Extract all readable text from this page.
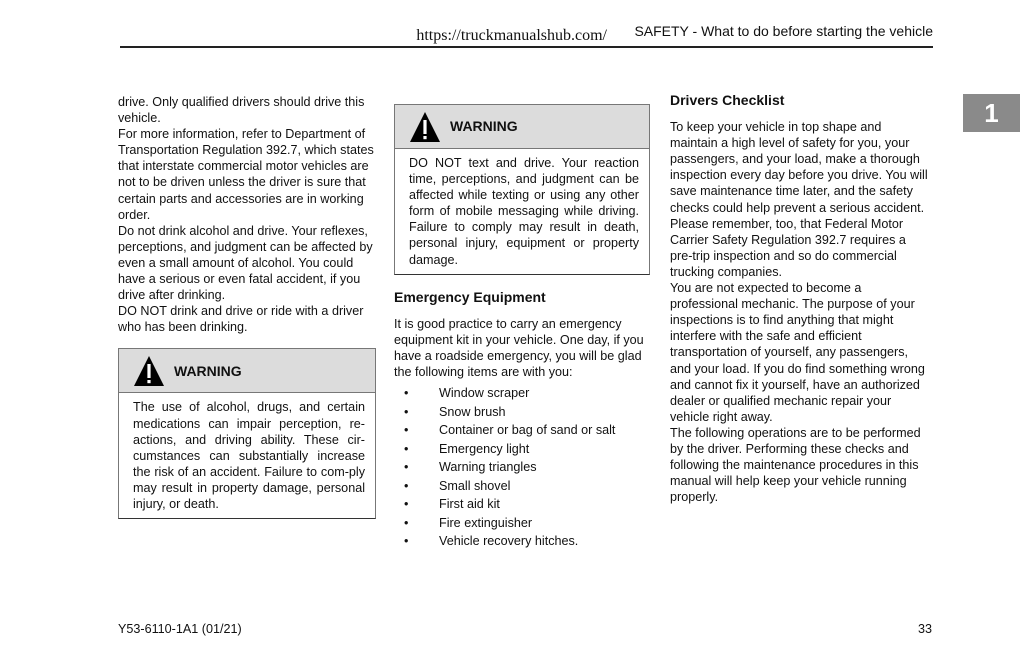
https://truckmanualshub.com/ SAFETY - What to do before starting the vehicle
1

drive. Only qualified drivers should drive this vehicle.

For more information, refer to Department of Transportation Regulation 392.7, which states that interstate commercial motor vehicles are not to be driven unless the driver is sure that certain parts and accessories are in working order.

Do not drink alcohol and drive. Your reflexes, perceptions, and judgment can be affected by even a small amount of alcohol. You could have a serious or even fatal accident, if you drive after drinking.

DO NOT drink and drive or ride with a driver who has been drinking.

WARNING
The use of alcohol, drugs, and certain medications can impair perception, re-actions, and driving ability. These cir-cumstances can substantially increase the risk of an accident. Failure to com-ply may result in property damage, personal injury, or death.
WARNING
DO NOT text and drive. Your reaction time, perceptions, and judgment can be affected while texting or using any other form of mobile messaging while driving. Failure to comply may result in death, personal injury, equipment or property damage.
Emergency Equipment

It is good practice to carry an emergency equipment kit in your vehicle. One day, if you have a roadside emergency, you will be glad the following items are with you:

• Window scraper
• Snow brush
• Container or bag of sand or salt
• Emergency light
• Warning triangles
• Small shovel
• First aid kit
• Fire extinguisher
• Vehicle recovery hitches.
Drivers Checklist

To keep your vehicle in top shape and maintain a high level of safety for you, your passengers, and your load, make a thorough inspection every day before you drive. You will save maintenance time later, and the safety checks could help prevent a serious accident. Please remember, too, that Federal Motor Carrier Safety Regulation 392.7 requires a pre-trip inspection and so do commercial trucking companies.

You are not expected to become a professional mechanic. The purpose of your inspections is to find anything that might interfere with the safe and efficient transportation of yourself, any passengers, and your load. If you do find something wrong and cannot fix it yourself, have an authorized dealer or qualified mechanic repair your vehicle right away.

The following operations are to be performed by the driver. Performing these checks and following the maintenance procedures in this manual will help keep your vehicle running properly.

Y53-6110-1A1 (01/21)	33
